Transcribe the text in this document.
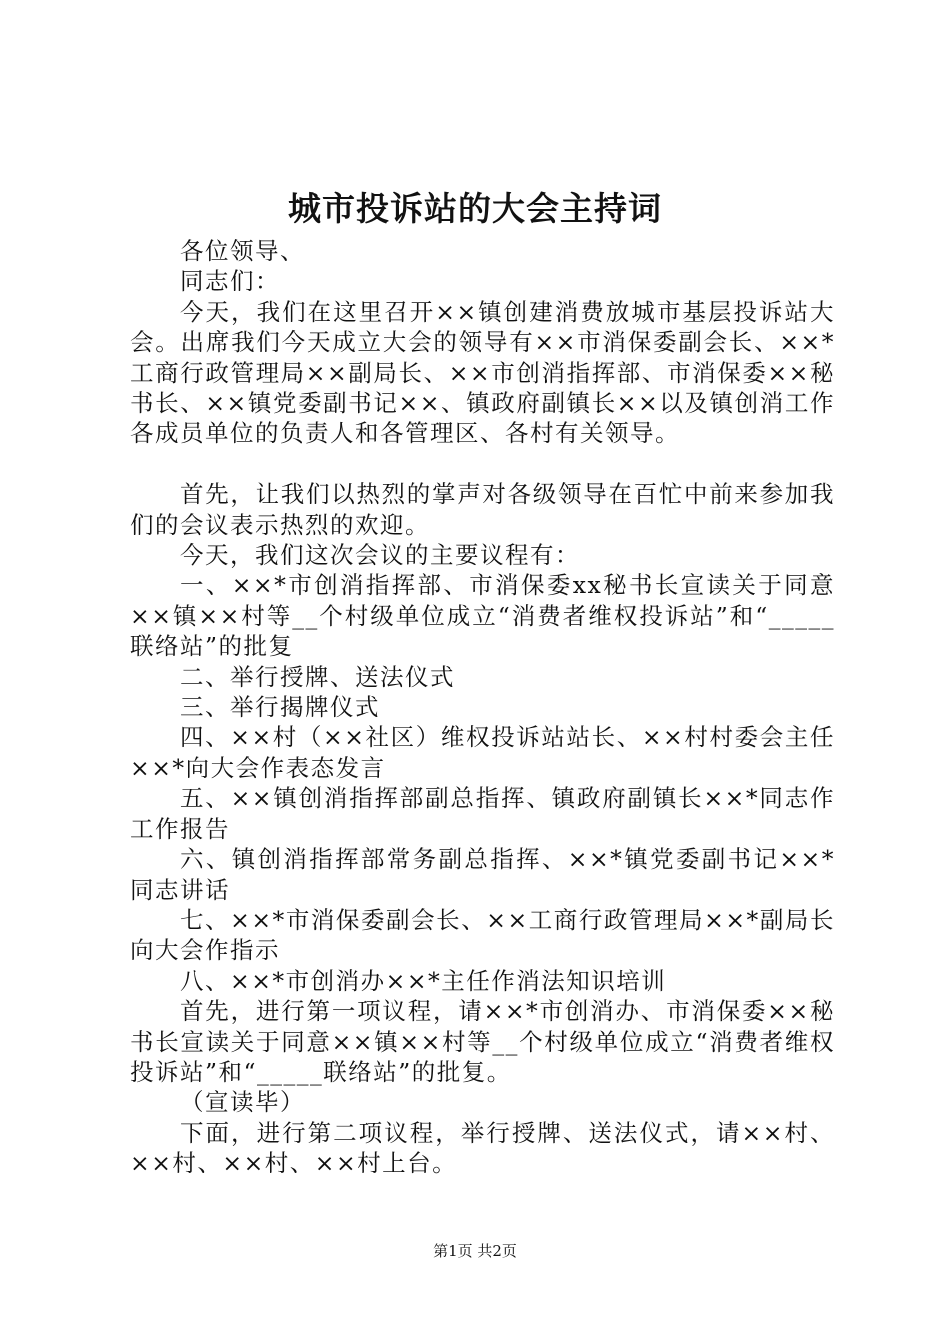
城市投诉站的大会主持词

各位领导、

同志们：

今天，我们在这里召开××镇创建消费放城市基层投诉站大会。出席我们今天成立大会的领导有××市消保委副会长、××*工商行政管理局××副局长、××市创消指挥部、市消保委××秘书长、××镇党委副书记××、镇政府副镇长××以及镇创消工作各成员单位的负责人和各管理区、各村有关领导。

首先，让我们以热烈的掌声对各级领导在百忙中前来参加我们的会议表示热烈的欢迎。

今天，我们这次会议的主要议程有：

一、××*市创消指挥部、市消保委xx秘书长宣读关于同意××镇××村等__个村级单位成立“消费者维权投诉站”和“_____联络站”的批复

二、举行授牌、送法仪式

三、举行揭牌仪式

四、××村（××社区）维权投诉站站长、××村村委会主任××*向大会作表态发言

五、××镇创消指挥部副总指挥、镇政府副镇长××*同志作工作报告

六、镇创消指挥部常务副总指挥、××*镇党委副书记××*同志讲话

七、××*市消保委副会长、××工商行政管理局××*副局长向大会作指示

八、××*市创消办××*主任作消法知识培训

首先，进行第一项议程，请××*市创消办、市消保委××秘书长宣读关于同意××镇××村等__个村级单位成立“消费者维权投诉站”和“_____联络站”的批复。

（宣读毕）

下面，进行第二项议程，举行授牌、送法仪式，请××村、××村、××村、××村上台。

第1页 共2页
